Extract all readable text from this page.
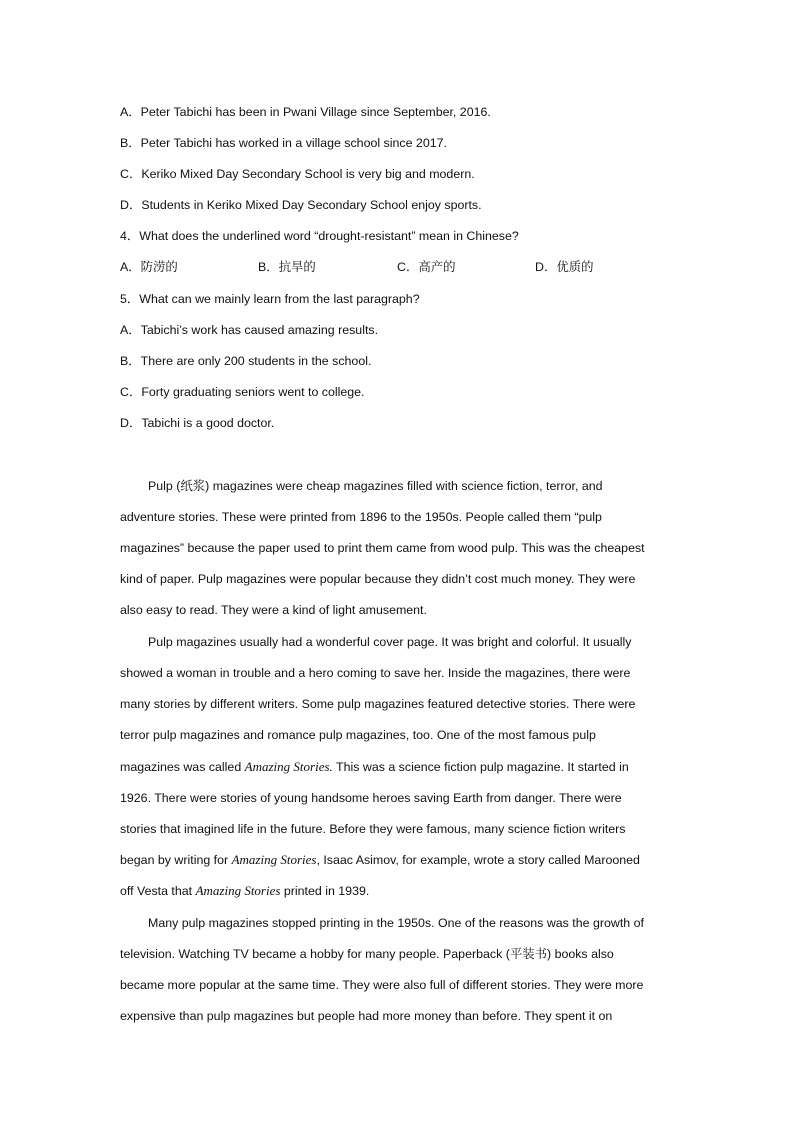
A．Peter Tabichi has been in Pwani Village since September, 2016.
B．Peter Tabichi has worked in a village school since 2017.
C．Keriko Mixed Day Secondary School is very big and modern.
D．Students in Keriko Mixed Day Secondary School enjoy sports.
4．What does the underlined word “drought-resistant” mean in Chinese?
A．防涝的	B．抗旱的	C．高产的	D．优质的
5．What can we mainly learn from the last paragraph?
A．Tabichi’s work has caused amazing results.
B．There are only 200 students in the school.
C．Forty graduating seniors went to college.
D．Tabichi is a good doctor.
Pulp (纸浆) magazines were cheap magazines filled with science fiction, terror, and
adventure stories. These were printed from 1896 to the 1950s. People called them “pulp
magazines” because the paper used to print them came from wood pulp. This was the cheapest
kind of paper. Pulp magazines were popular because they didn’t cost much money. They were
also easy to read. They were a kind of light amusement.
Pulp magazines usually had a wonderful cover page. It was bright and colorful. It usually
showed a woman in trouble and a hero coming to save her. Inside the magazines, there were
many stories by different writers. Some pulp magazines featured detective stories. There were
terror pulp magazines and romance pulp magazines, too. One of the most famous pulp
magazines was called Amazing Stories. This was a science fiction pulp magazine. It started in
1926. There were stories of young handsome heroes saving Earth from danger. There were
stories that imagined life in the future. Before they were famous, many science fiction writers
began by writing for Amazing Stories, Isaac Asimov, for example, wrote a story called Marooned
off Vesta that Amazing Stories printed in 1939.
Many pulp magazines stopped printing in the 1950s. One of the reasons was the growth of
television. Watching TV became a hobby for many people. Paperback (平装书) books also
became more popular at the same time. They were also full of different stories. They were more
expensive than pulp magazines but people had more money than before. They spent it on
